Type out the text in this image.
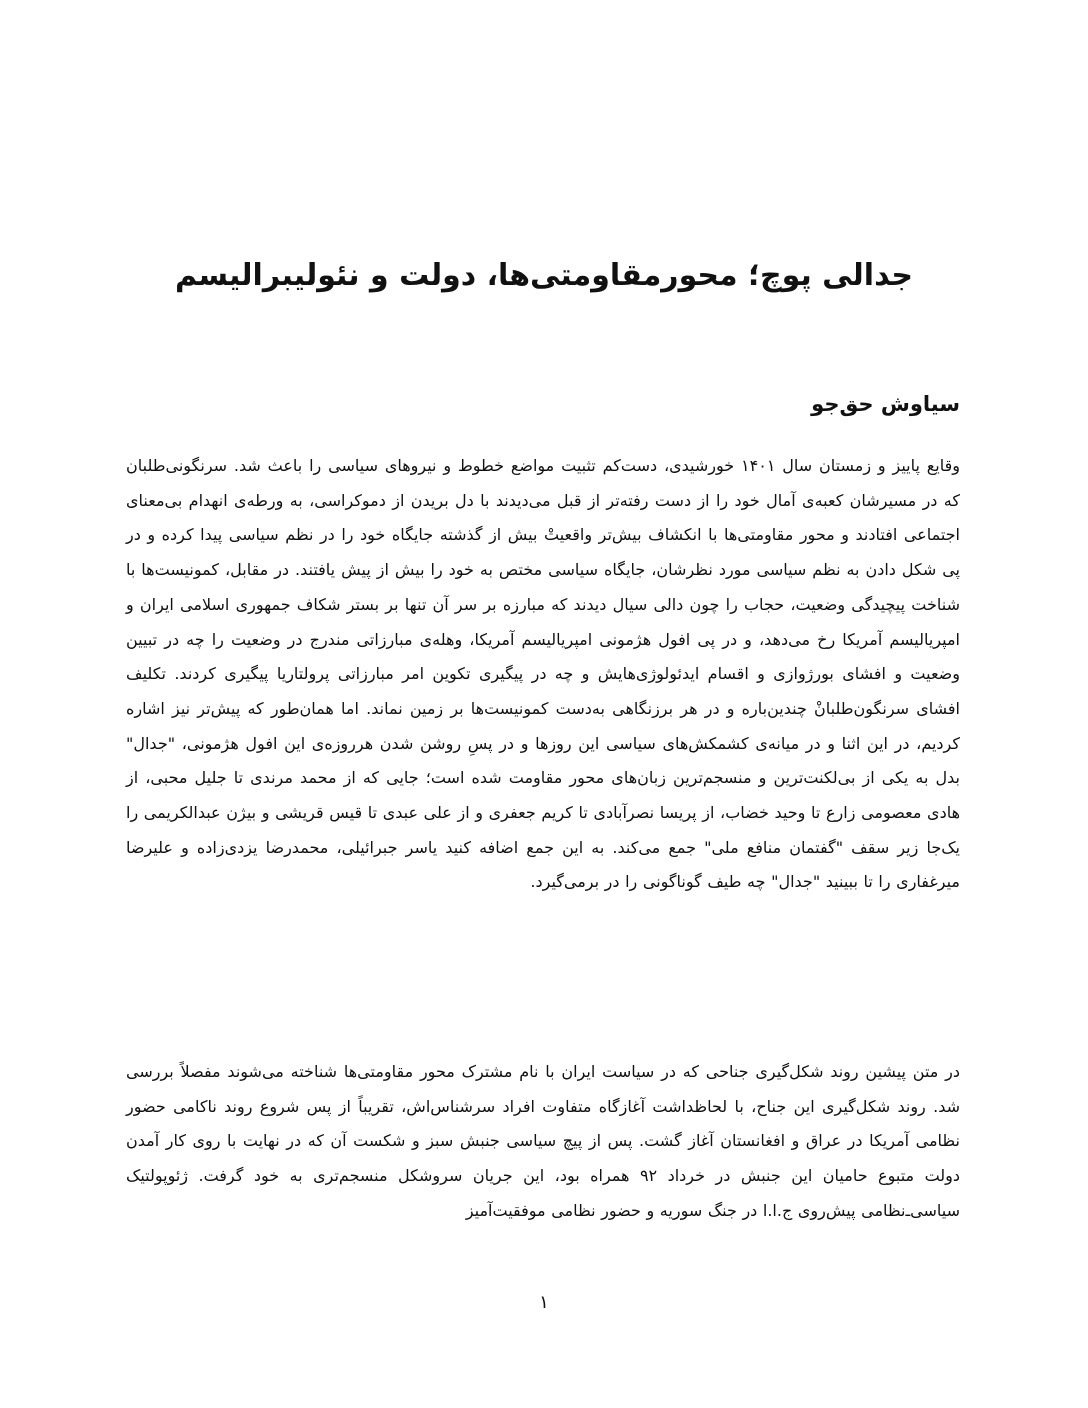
جدالی پوچ؛ محورمقاومتی‌ها، دولت و نئولیبرالیسم

سیاوش حق‌جو

وقایع پاییز و زمستان سال ۱۴۰۱ خورشیدی، دست‌کم تثبیت مواضع خطوط و نیروهای سیاسی را باعث شد. سرنگونی‌طلبان که در مسیرشان کعبه‌ی آمال خود را از دست رفته‌تر از قبل می‌دیدند با دل بریدن از دموکراسی، به ورطه‌ی انهدام بی‌معنای اجتماعی افتادند و محور مقاومتی‌ها با انکشاف بیش‌تر واقعیتْ بیش از گذشته جایگاه خود را در نظم سیاسی پیدا کرده و در پی شکل دادن به نظم سیاسی مورد نظرشان، جایگاه سیاسی مختص به خود را بیش از پیش یافتند. در مقابل، کمونیست‌ها با شناخت پیچیدگی وضعیت، حجاب را چون دالی سیال دیدند که مبارزه بر سر آن تنها بر بستر شکاف جمهوری اسلامی ایران و امپریالیسم آمریکا رخ می‌دهد، و در پی افول هژمونی امپریالیسم آمریکا، وهله‌ی مبارزاتی مندرج در وضعیت را چه در تبیین وضعیت و افشای بورژوازی و اقسام ایدئولوژی‌هایش و چه در پیگیری تکوین امر مبارزاتی پرولتاریا پیگیری کردند. تکلیف افشای سرنگون‌طلبانْ چندین‌باره و در هر برزنگاهی به‌دست کمونیست‌ها بر زمین نماند. اما همان‌طور که پیش‌تر نیز اشاره کردیم، در این اثنا و در میانه‌ی کشمکش‌های سیاسی این روزها و در پسِ روشن شدن هرروزه‌ی این افول هژمونی، "جدال" بدل به یکی از بی‌لکنت‌ترین و منسجم‌ترین زبان‌های محور مقاومت شده است؛ جایی که از محمد مرندی تا جلیل محبی، از هادی معصومی زارع تا وحید خضاب، از پریسا نصرآبادی تا کریم جعفری و از علی عبدی تا قیس قریشی و بیژن عبدالکریمی را یک‌جا زیر سقف "گفتمان منافع ملی" جمع می‌کند. به این جمع اضافه کنید یاسر جبرائیلی، محمدرضا یزدی‌زاده و علیرضا میرغفاری را تا ببینید "جدال" چه طیف گوناگونی را در برمی‌گیرد.

در متن پیشین روند شکل‌گیری جناحی که در سیاست ایران با نام مشترک محور مقاومتی‌ها شناخته می‌شوند مفصلاً بررسی شد. روند شکل‌گیری این جناح، با لحاظداشت آغازگاه متفاوت افراد سرشناس‌اش، تقریباً از پس شروع روند ناکامی حضور نظامی آمریکا در عراق و افغانستان آغاز گشت. پس از پیچ سیاسی جنبش سبز و شکست آن که در نهایت با روی کار آمدن دولت متبوع حامیان این جنبش در خرداد ۹۲ همراه بود، این جریان سروشکل منسجم‌تری به خود گرفت. ژئوپولتیک سیاسی‌ـ‌نظامی پیش‌روی ج.ا.ا در جنگ سوریه و حضور نظامی موفقیت‌آمیز

۱
